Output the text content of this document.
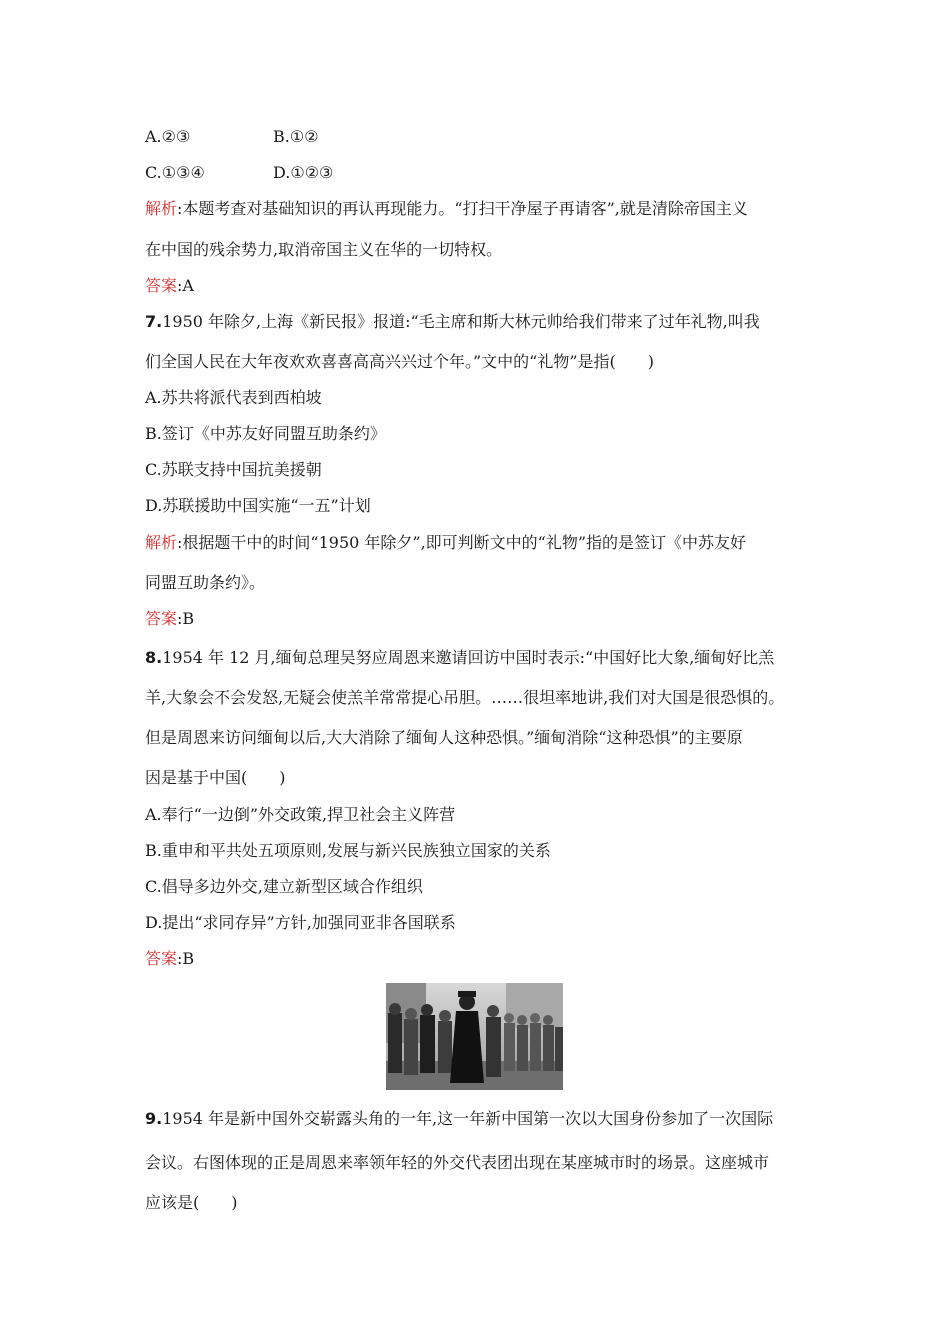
A.②③	B.①②
C.①③④	D.①②③
解析:本题考查对基础知识的再认再现能力。“打扫干净屋子再请客”,就是清除帝国主义
在中国的残余势力,取消帝国主义在华的一切特权。
答案:A
7.1950 年除夕,上海《新民报》报道:“毛主席和斯大林元帅给我们带来了过年礼物,叫我
们全国人民在大年夜欢欢喜喜高高兴兴过个年。”文中的“礼物”是指(　　)
A.苏共将派代表到西柏坡
B.签订《中苏友好同盟互助条约》
C.苏联支持中国抗美援朝
D.苏联援助中国实施“一五”计划
解析:根据题干中的时间“1950 年除夕”,即可判断文中的“礼物”指的是签订《中苏友好
同盟互助条约》。
答案:B
8.1954 年 12 月,缅甸总理吴努应周恩来邀请回访中国时表示:“中国好比大象,缅甸好比羔
羊,大象会不会发怒,无疑会使羔羊常常提心吊胆。……很坦率地讲,我们对大国是很恐惧的。
但是周恩来访问缅甸以后,大大消除了缅甸人这种恐惧。”缅甸消除“这种恐惧”的主要原
因是基于中国(　　)
A.奉行“一边倒”外交政策,捍卫社会主义阵营
B.重申和平共处五项原则,发展与新兴民族独立国家的关系
C.倡导多边外交,建立新型区域合作组织
D.提出“求同存异”方针,加强同亚非各国联系
答案:B
9.1954 年是新中国外交崭露头角的一年,这一年新中国第一次以大国身份参加了一次国际
会议。右图体现的正是周恩来率领年轻的外交代表团出现在某座城市时的场景。这座城市
应该是(　　)
